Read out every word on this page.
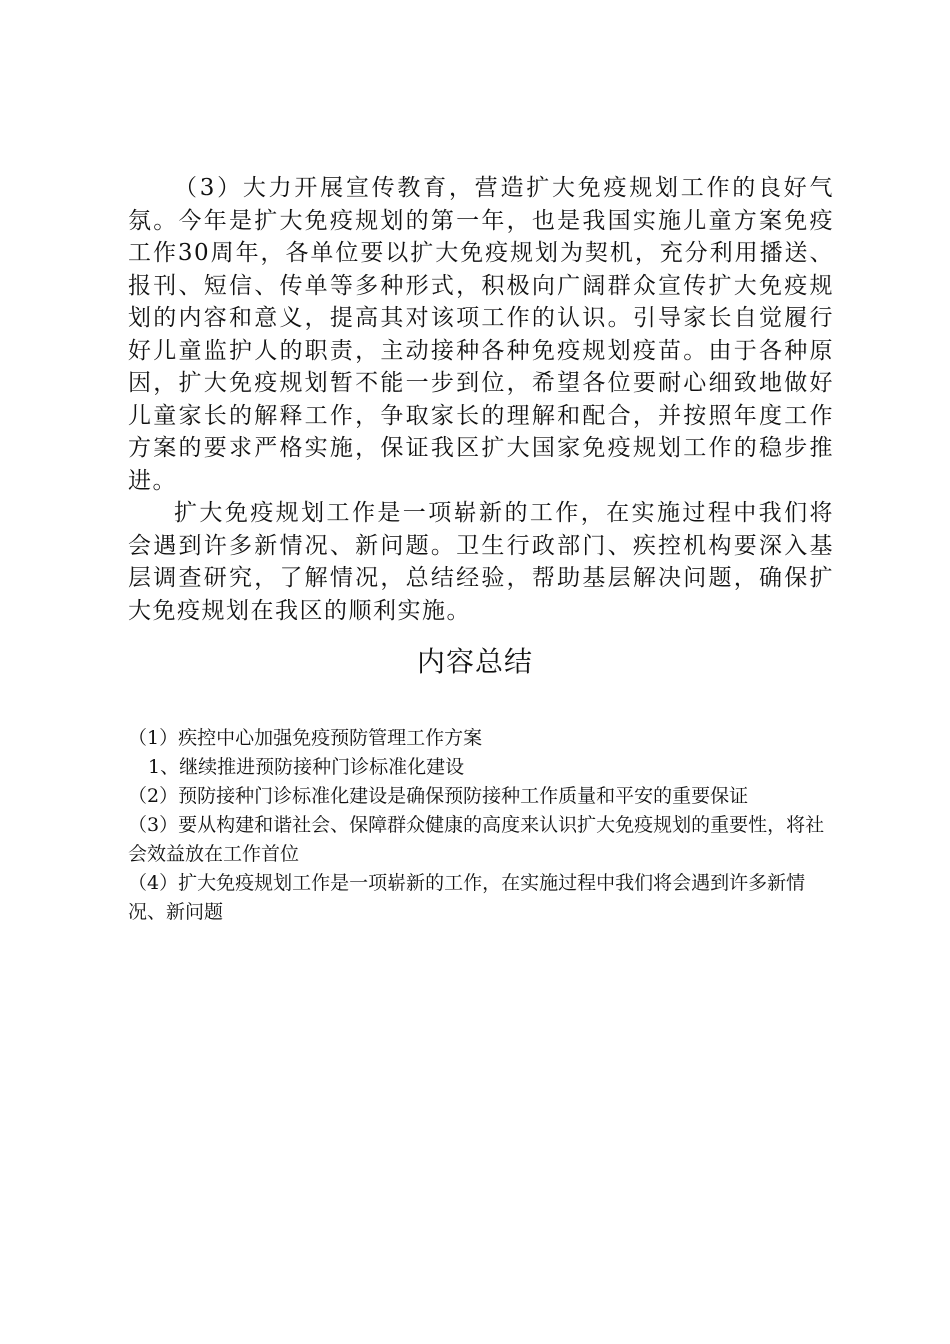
（3）大力开展宣传教育，营造扩大免疫规划工作的良好气氛。今年是扩大免疫规划的第一年，也是我国实施儿童方案免疫工作30周年，各单位要以扩大免疫规划为契机，充分利用播送、报刊、短信、传单等多种形式，积极向广阔群众宣传扩大免疫规划的内容和意义，提高其对该项工作的认识。引导家长自觉履行好儿童监护人的职责，主动接种各种免疫规划疫苗。由于各种原因，扩大免疫规划暂不能一步到位，希望各位要耐心细致地做好儿童家长的解释工作，争取家长的理解和配合，并按照年度工作方案的要求严格实施，保证我区扩大国家免疫规划工作的稳步推进。

扩大免疫规划工作是一项崭新的工作，在实施过程中我们将会遇到许多新情况、新问题。卫生行政部门、疾控机构要深入基层调查研究，了解情况，总结经验，帮助基层解决问题，确保扩大免疫规划在我区的顺利实施。

内容总结
（1）疾控中心加强免疫预防管理工作方案
1、继续推进预防接种门诊标准化建设
（2）预防接种门诊标准化建设是确保预防接种工作质量和平安的重要保证
（3）要从构建和谐社会、保障群众健康的高度来认识扩大免疫规划的重要性，将社会效益放在工作首位
（4）扩大免疫规划工作是一项崭新的工作，在实施过程中我们将会遇到许多新情况、新问题
